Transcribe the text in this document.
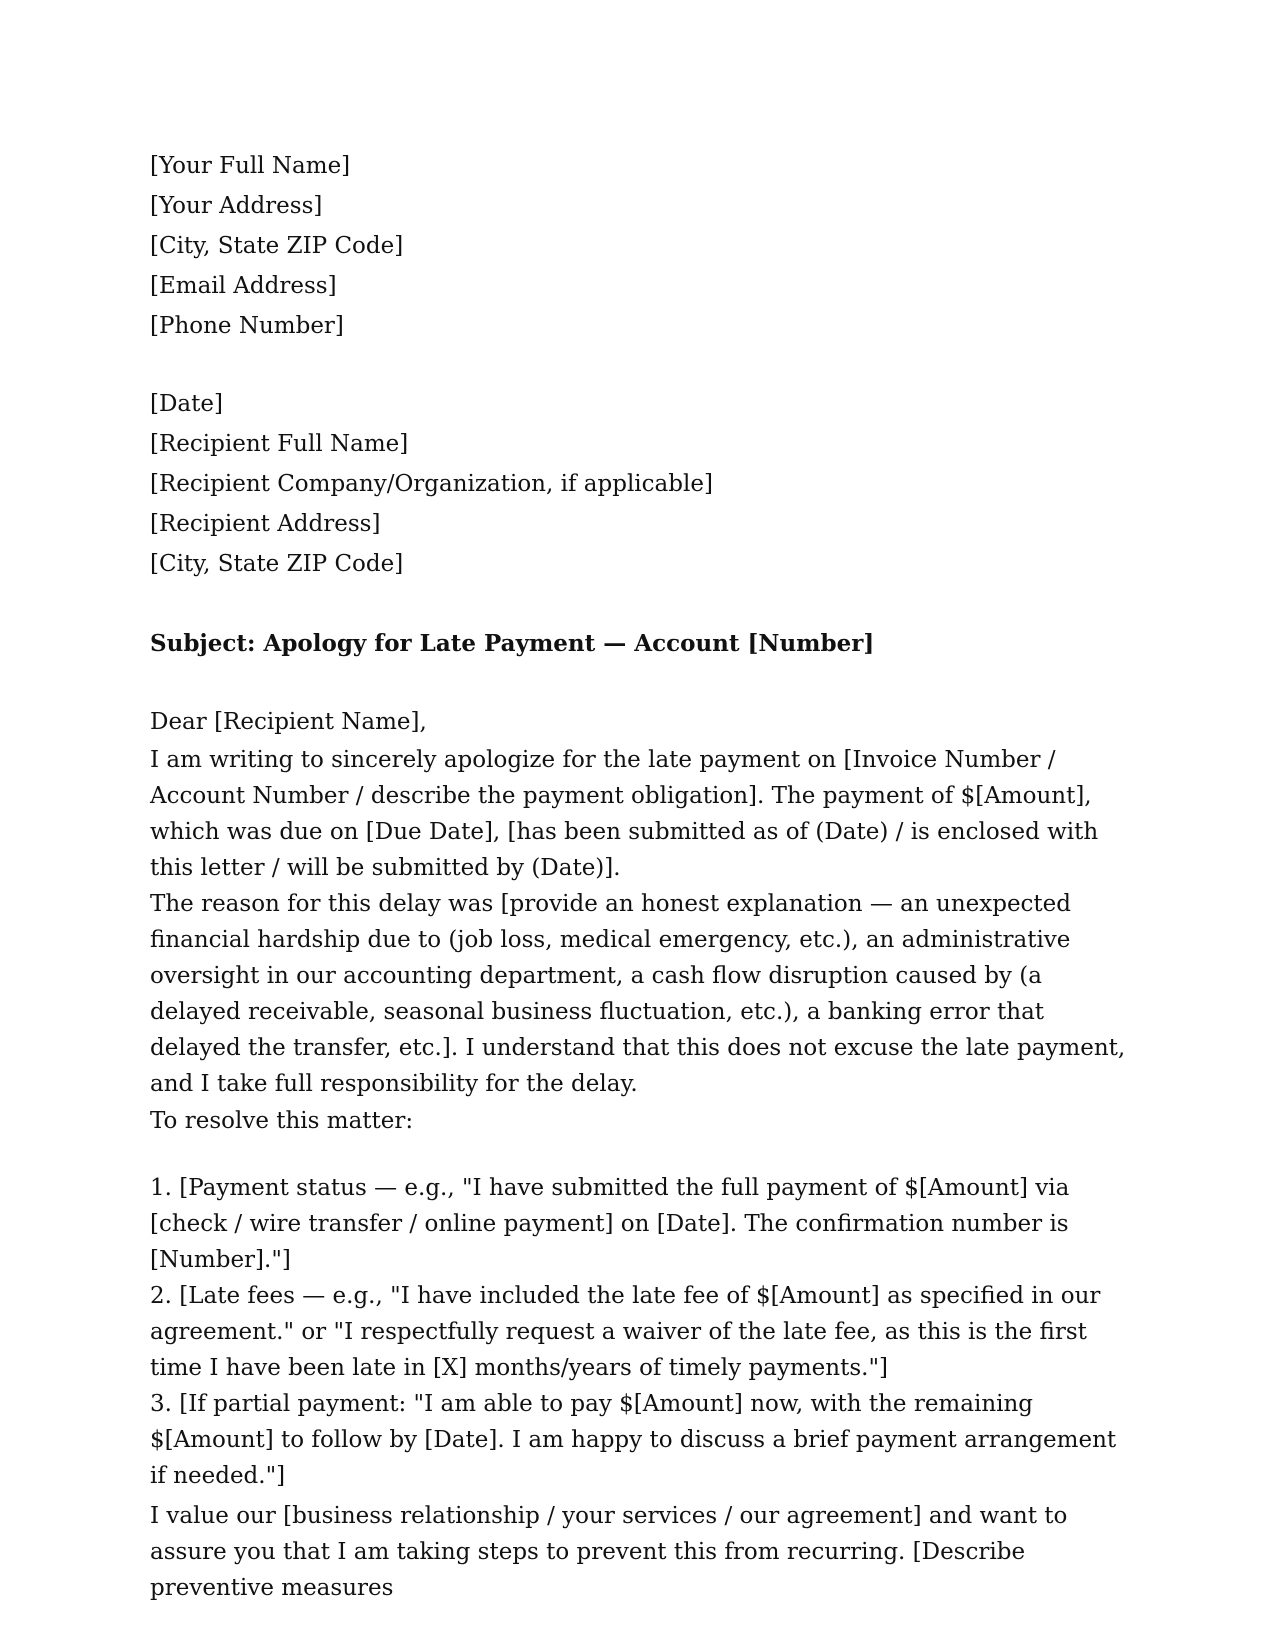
[Your Full Name]
[Your Address]
[City, State ZIP Code]
[Email Address]
[Phone Number]
[Date]
[Recipient Full Name]
[Recipient Company/Organization, if applicable]
[Recipient Address]
[City, State ZIP Code]
Subject: Apology for Late Payment — Account [Number]
Dear [Recipient Name],

I am writing to sincerely apologize for the late payment on [Invoice Number / Account Number / describe the payment obligation]. The payment of $[Amount], which was due on [Due Date], [has been submitted as of (Date) / is enclosed with this letter / will be submitted by (Date)].

The reason for this delay was [provide an honest explanation — an unexpected financial hardship due to (job loss, medical emergency, etc.), an administrative oversight in our accounting department, a cash flow disruption caused by (a delayed receivable, seasonal business fluctuation, etc.), a banking error that delayed the transfer, etc.]. I understand that this does not excuse the late payment, and I take full responsibility for the delay.

To resolve this matter:

1. [Payment status — e.g., "I have submitted the full payment of $[Amount] via [check / wire transfer / online payment] on [Date]. The confirmation number is [Number]."]

2. [Late fees — e.g., "I have included the late fee of $[Amount] as specified in our agreement." or "I respectfully request a waiver of the late fee, as this is the first time I have been late in [X] months/years of timely payments."]

3. [If partial payment: "I am able to pay $[Amount] now, with the remaining $[Amount] to follow by [Date]. I am happy to discuss a brief payment arrangement if needed."]

I value our [business relationship / your services / our agreement] and want to assure you that I am taking steps to prevent this from recurring. [Describe preventive measures
